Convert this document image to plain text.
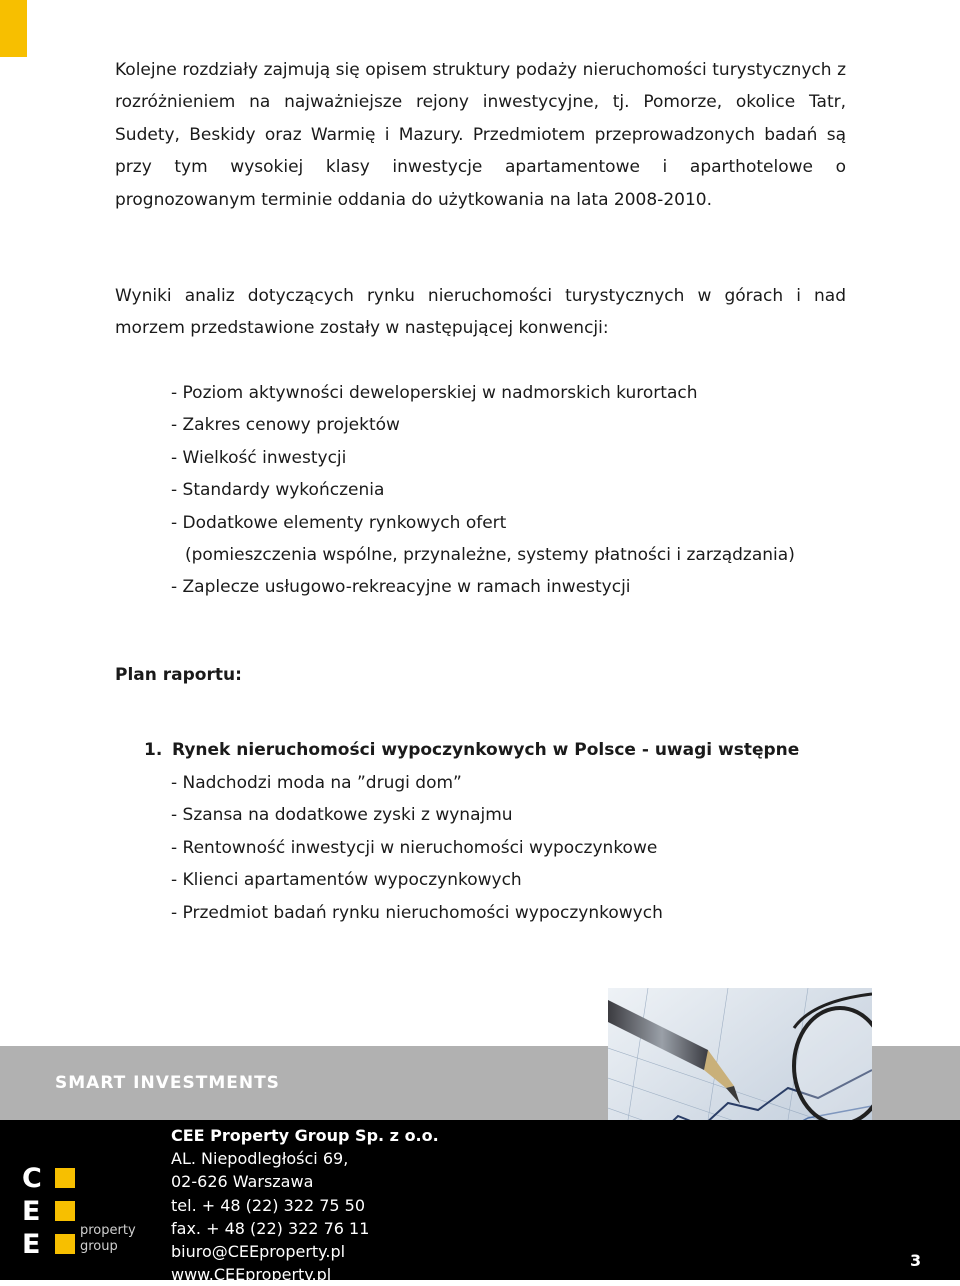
Kolejne rozdziały zajmują się opisem struktury podaży nieruchomości turystycznych z rozróżnieniem na najważniejsze rejony inwestycyjne, tj. Pomorze, okolice Tatr, Sudety, Beskidy oraz Warmię i Mazury. Przedmiotem przeprowadzonych badań są przy tym wysokiej klasy inwestycje apartamentowe i aparthotelowe o prognozowanym terminie oddania do użytkowania na lata 2008-2010.

Wyniki analiz dotyczących rynku nieruchomości turystycznych w górach i nad morzem przedstawione zostały w następującej konwencji:

- Poziom aktywności deweloperskiej w nadmorskich kurortach
- Zakres cenowy projektów
- Wielkość inwestycji
- Standardy wykończenia
- Dodatkowe elementy rynkowych ofert
(pomieszczenia wspólne, przynależne, systemy płatności i zarządzania)
- Zaplecze usługowo-rekreacyjne w ramach inwestycji

Plan raportu:

1. Rynek nieruchomości wypoczynkowych w Polsce - uwagi wstępne

- Nadchodzi moda na ”drugi dom”
- Szansa na dodatkowe zyski z wynajmu
- Rentowność inwestycji w nieruchomości wypoczynkowe
- Klienci apartamentów wypoczynkowych
- Przedmiot badań rynku nieruchomości wypoczynkowych

SMART INVESTMENTS

C
E
E	property
group
CEE Property Group Sp. z o.o.
AL. Niepodległości 69,
02-626 Warszawa
tel. + 48 (22) 322 75 50
fax. + 48 (22) 322 76 11
biuro@CEEproperty.pl
www.CEEproperty.pl
3
